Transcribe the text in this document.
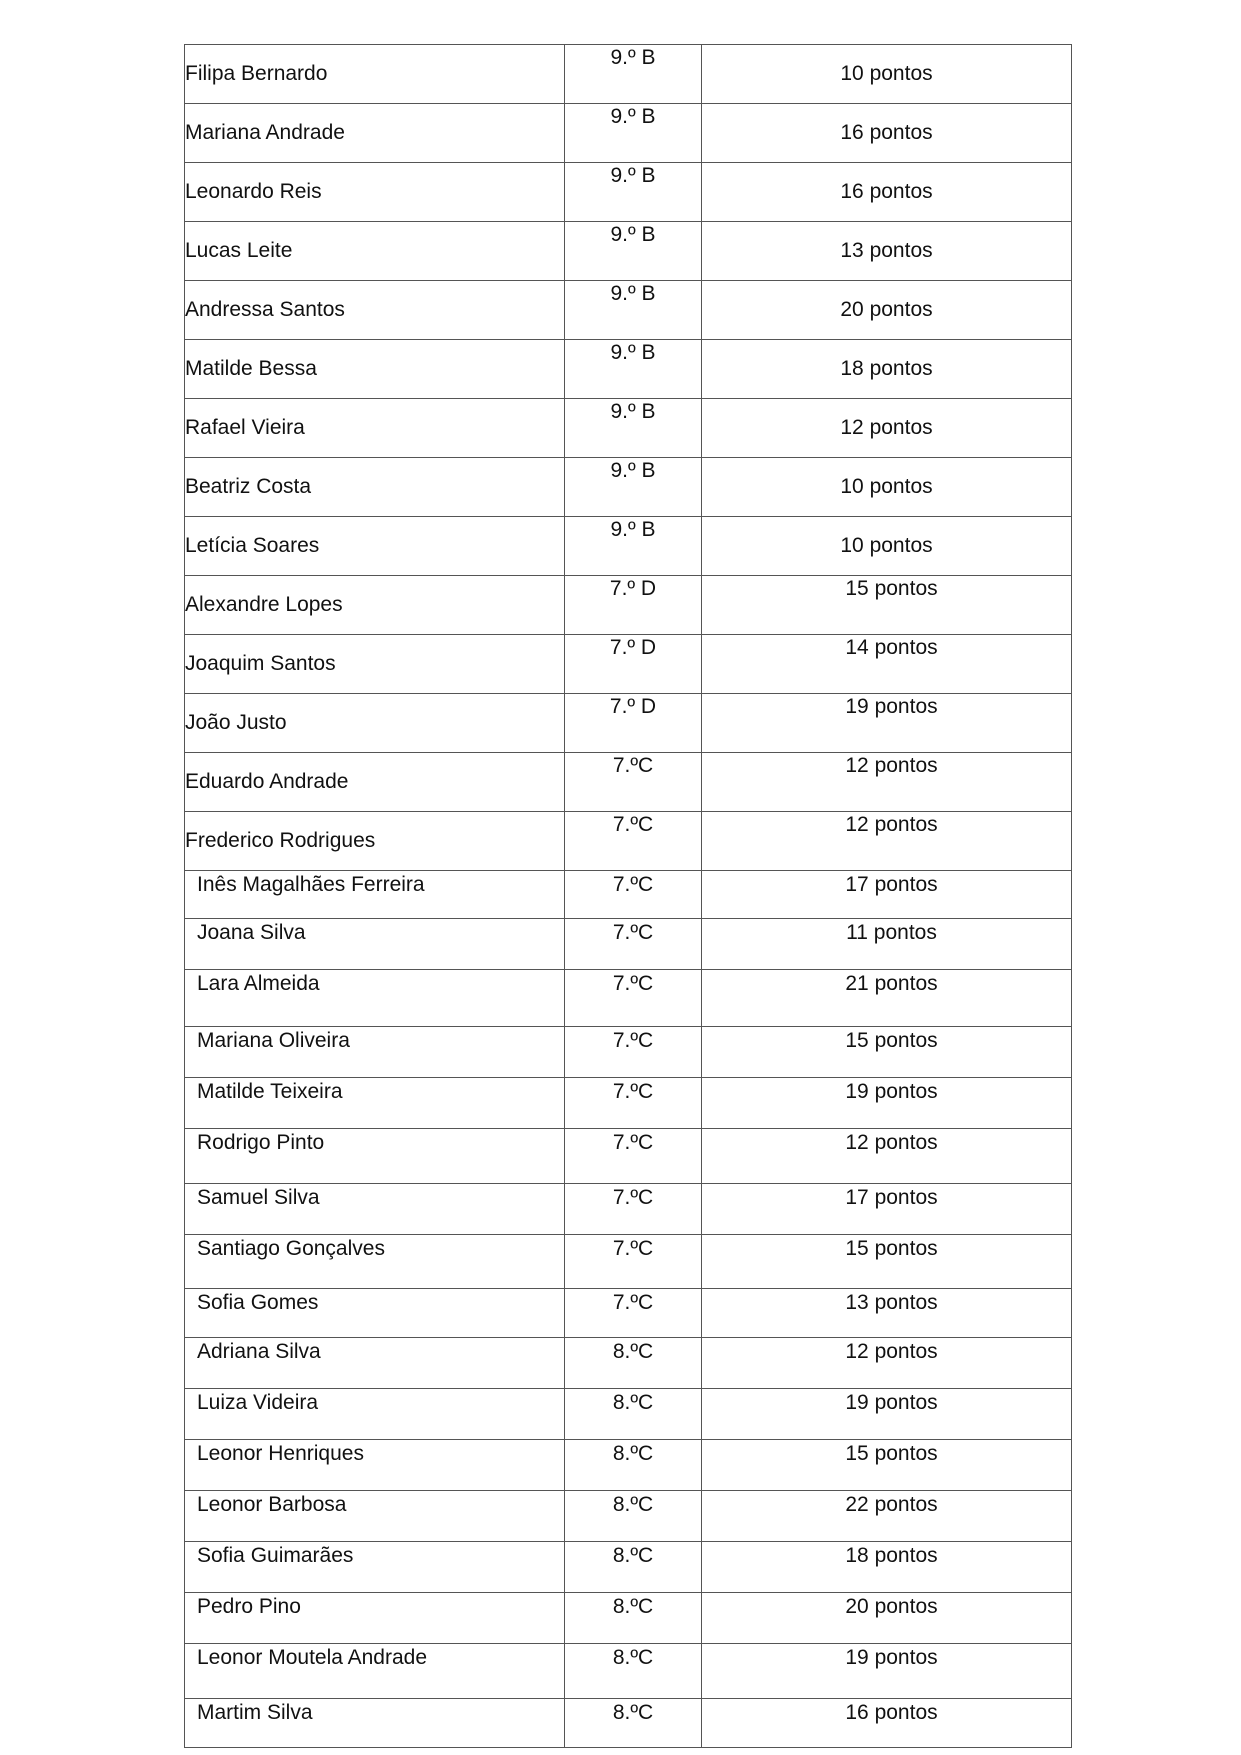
Filipa Bernardo	9.º B	10 pontos
Mariana Andrade	9.º B	16 pontos
Leonardo Reis	9.º B	16 pontos
Lucas Leite	9.º B	13 pontos
Andressa Santos	9.º B	20 pontos
Matilde Bessa	9.º B	18 pontos
Rafael Vieira	9.º B	12 pontos
Beatriz Costa	9.º B	10 pontos
Letícia Soares	9.º B	10 pontos
Alexandre Lopes	7.º D	15 pontos
Joaquim Santos	7.º D	14 pontos
João Justo	7.º D	19 pontos
Eduardo Andrade	7.ºC	12 pontos
Frederico Rodrigues	7.ºC	12 pontos
Inês Magalhães Ferreira	7.ºC	17 pontos
Joana Silva	7.ºC	11 pontos
Lara Almeida	7.ºC	21 pontos
Mariana Oliveira	7.ºC	15 pontos
Matilde Teixeira	7.ºC	19 pontos
Rodrigo Pinto	7.ºC	12 pontos
Samuel Silva	7.ºC	17 pontos
Santiago Gonçalves	7.ºC	15 pontos
Sofia Gomes	7.ºC	13 pontos
Adriana Silva	8.ºC	12 pontos
Luiza Videira	8.ºC	19 pontos
Leonor Henriques	8.ºC	15 pontos
Leonor Barbosa	8.ºC	22 pontos
Sofia Guimarães	8.ºC	18 pontos
Pedro Pino	8.ºC	20 pontos
Leonor Moutela Andrade	8.ºC	19 pontos
Martim Silva	8.ºC	16 pontos
